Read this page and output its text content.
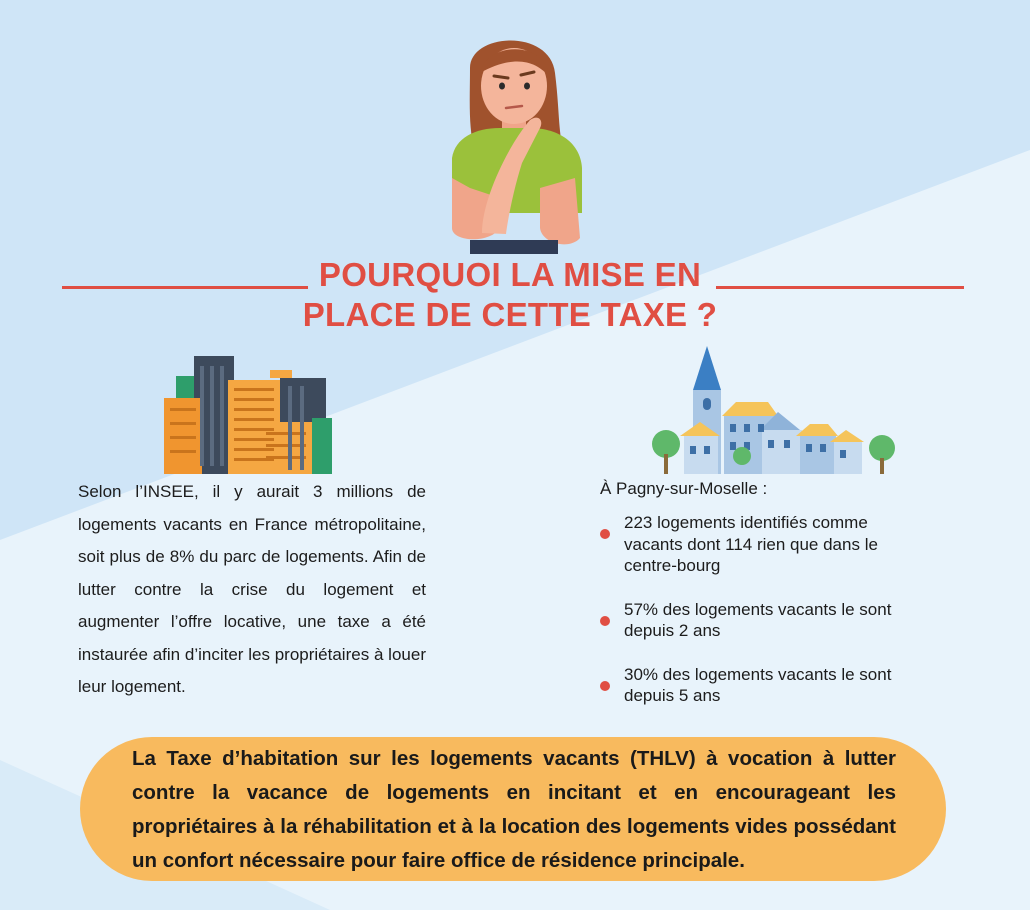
POURQUOI LA MISE EN
PLACE DE CETTE TAXE ?

Selon l’INSEE, il y aurait 3 millions de logements vacants en France métropolitaine, soit plus de 8% du parc de logements. Afin de lutter contre la crise du logement et augmenter l’offre locative, une taxe a été instaurée afin d’inciter les propriétaires à louer leur logement.

À Pagny-sur-Moselle :
223 logements identifiés comme vacants dont 114 rien que dans le centre-bourg
57% des logements vacants le sont depuis 2 ans
30% des logements vacants le sont depuis 5 ans

La Taxe d’habitation sur les logements vacants (THLV) à vocation à lutter contre la vacance de logements en incitant et en encourageant les propriétaires à la réhabilitation et à la location des logements vides possédant un confort nécessaire pour faire office de résidence principale.
